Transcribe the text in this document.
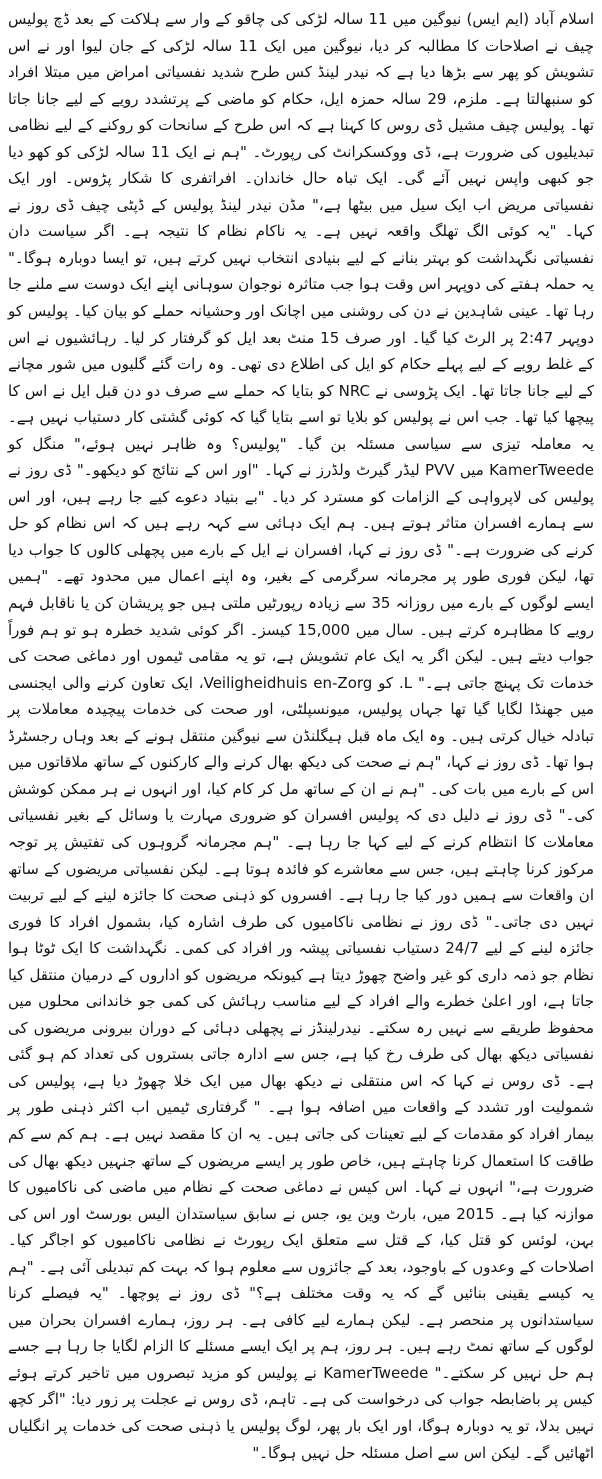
اسلام آباد (ایم ایس) نیوگین میں 11 سالہ لڑکی کی چاقو کے وار سے ہلاکت کے بعد ڈچ پولیس چیف نے اصلاحات کا مطالبہ کر دیا، نیوگین میں ایک 11 سالہ لڑکی کے جان لیوا اور نے اس تشویش کو پھر سے بڑھا دیا ہے کہ نیدر لینڈ کس طرح شدید نفسیاتی امراض میں مبتلا افراد کو سنبھالتا ہے۔ ملزم، 29 سالہ حمزہ ایل، حکام کو ماضی کے پرتشدد رویے کے لیے جانا جاتا تھا۔ پولیس چیف مشیل ڈی روس کا کہنا ہے کہ اس طرح کے سانحات کو روکنے کے لیے نظامی تبدیلیوں کی ضرورت ہے، ڈی ووکسکرانٹ کی رپورٹ۔ "ہم نے ایک 11 سالہ لڑکی کو کھو دیا جو کبھی واپس نہیں آئے گی۔ ایک تباہ حال خاندان۔ افراتفری کا شکار پڑوس۔ اور ایک نفسیاتی مریض اب ایک سیل میں بیٹھا ہے،" مڈن نیدر لینڈ پولیس کے ڈپٹی چیف ڈی روز نے کہا۔ "یہ کوئی الگ تھلگ واقعہ نہیں ہے۔ یہ ناکام نظام کا نتیجہ ہے۔ اگر سیاست دان نفسیاتی نگہداشت کو بہتر بنانے کے لیے بنیادی انتخاب نہیں کرتے ہیں، تو ایسا دوبارہ ہوگا۔" یہ حملہ ہفتے کی دوپہر اس وقت ہوا جب متاثرہ نوجوان سوہانی اپنے ایک دوست سے ملنے جا رہا تھا۔ عینی شاہدین نے دن کی روشنی میں اچانک اور وحشیانہ حملے کو بیان کیا۔ پولیس کو دوپہر 2:47 پر الرٹ کیا گیا۔ اور صرف 15 منٹ بعد ایل کو گرفتار کر لیا۔ رہائشیوں نے اس کے غلط رویے کے لیے پہلے حکام کو ایل کی اطلاع دی تھی۔ وہ رات گئے گلیوں میں شور مچانے کے لیے جانا جاتا تھا۔ ایک پڑوسی نے NRC کو بتایا کہ حملے سے صرف دو دن قبل ایل نے اس کا پیچھا کیا تھا۔ جب اس نے پولیس کو بلایا تو اسے بتایا گیا کہ کوئی گشتی کار دستیاب نہیں ہے۔ یہ معاملہ تیزی سے سیاسی مسئلہ بن گیا۔ "پولیس؟ وہ ظاہر نہیں ہوئے،" منگل کو KamerTweede میں PVV لیڈر گیرٹ ولڈرز نے کہا۔ "اور اس کے نتائج کو دیکھو۔" ڈی روز نے پولیس کی لاپرواہی کے الزامات کو مسترد کر دیا۔ "بے بنیاد دعوے کیے جا رہے ہیں، اور اس سے ہمارے افسران متاثر ہوتے ہیں۔ ہم ایک دہائی سے کہہ رہے ہیں کہ اس نظام کو حل کرنے کی ضرورت ہے۔" ڈی روز نے کہا، افسران نے ایل کے بارے میں پچھلی کالوں کا جواب دیا تھا، لیکن فوری طور پر مجرمانہ سرگرمی کے بغیر، وہ اپنے اعمال میں محدود تھے۔ "ہمیں ایسے لوگوں کے بارے میں روزانہ 35 سے زیادہ رپورٹیں ملتی ہیں جو پریشان کن یا ناقابل فہم رویے کا مظاہرہ کرتے ہیں۔ سال میں 15,000 کیسز۔ اگر کوئی شدید خطرہ ہو تو ہم فوراً جواب دیتے ہیں۔ لیکن اگر یہ ایک عام تشویش ہے، تو یہ مقامی ٹیموں اور دماغی صحت کی خدمات تک پہنچ جاتی ہے۔" L. کو Veiligheidhuis en-Zorg، ایک تعاون کرنے والی ایجنسی میں جھنڈا لگایا گیا تھا جہاں پولیس، میونسپلٹی، اور صحت کی خدمات پیچیدہ معاملات پر تبادلہ خیال کرتی ہیں۔ وہ ایک ماہ قبل ہیگلنڈن سے نیوگین منتقل ہونے کے بعد وہاں رجسٹرڈ ہوا تھا۔ ڈی روز نے کہا، "ہم نے صحت کی دیکھ بھال کرنے والے کارکنوں کے ساتھ ملاقاتوں میں اس کے بارے میں بات کی۔ "ہم نے ان کے ساتھ مل کر کام کیا، اور انہوں نے ہر ممکن کوشش کی۔" ڈی روز نے دلیل دی کہ پولیس افسران کو ضروری مہارت یا وسائل کے بغیر نفسیاتی معاملات کا انتظام کرنے کے لیے کہا جا رہا ہے۔ "ہم مجرمانہ گروہوں کی تفتیش پر توجہ مرکوز کرنا چاہتے ہیں، جس سے معاشرے کو فائدہ ہوتا ہے۔ لیکن نفسیاتی مریضوں کے ساتھ ان واقعات سے ہمیں دور کیا جا رہا ہے۔ افسروں کو ذہنی صحت کا جائزہ لینے کے لیے تربیت نہیں دی جاتی۔" ڈی روز نے نظامی ناکامیوں کی طرف اشارہ کیا، بشمول افراد کا فوری جائزہ لینے کے لیے 24/7 دستیاب نفسیاتی پیشہ ور افراد کی کمی۔ نگہداشت کا ایک ٹوٹا ہوا نظام جو ذمہ داری کو غیر واضح چھوڑ دیتا ہے کیونکہ مریضوں کو اداروں کے درمیان منتقل کیا جاتا ہے، اور اعلیٰ خطرے والے افراد کے لیے مناسب رہائش کی کمی جو خاندانی محلوں میں محفوظ طریقے سے نہیں رہ سکتے۔ نیدرلینڈز نے پچھلی دہائی کے دوران بیرونی مریضوں کی نفسیاتی دیکھ بھال کی طرف رخ کیا ہے، جس سے ادارہ جاتی بستروں کی تعداد کم ہو گئی ہے۔ ڈی روس نے کہا کہ اس منتقلی نے دیکھ بھال میں ایک خلا چھوڑ دیا ہے، پولیس کی شمولیت اور تشدد کے واقعات میں اضافہ ہوا ہے۔ " گرفتاری ٹیمیں اب اکثر ذہنی طور پر بیمار افراد کو مقدمات کے لیے تعینات کی جاتی ہیں۔ یہ ان کا مقصد نہیں ہے۔ ہم کم سے کم طاقت کا استعمال کرنا چاہتے ہیں، خاص طور پر ایسے مریضوں کے ساتھ جنہیں دیکھ بھال کی ضرورت ہے،" انہوں نے کہا۔ اس کیس نے دماغی صحت کے نظام میں ماضی کی ناکامیوں کا موازنہ کیا ہے۔ 2015 میں، بارٹ وین یو، جس نے سابق سیاستدان الیس بورسٹ اور اس کی بہن، لوئس کو قتل کیا، کے قتل سے متعلق ایک رپورٹ نے نظامی ناکامیوں کو اجاگر کیا۔ اصلاحات کے وعدوں کے باوجود، بعد کے جائزوں سے معلوم ہوا کہ بہت کم تبدیلی آئی ہے۔ "ہم یہ کیسے یقینی بنائیں گے کہ یہ وقت مختلف ہے؟" ڈی روز نے پوچھا۔ "یہ فیصلے کرنا سیاستدانوں پر منحصر ہے۔ لیکن ہمارے لیے کافی ہے۔ ہر روز، ہمارے افسران بحران میں لوگوں کے ساتھ نمٹ رہے ہیں۔ ہر روز، ہم پر ایک ایسے مسئلے کا الزام لگایا جا رہا ہے جسے ہم حل نہیں کر سکتے۔" KamerTweede نے پولیس کو مزید تبصروں میں تاخیر کرتے ہوئے کیس پر باضابطہ جواب کی درخواست کی ہے۔ تاہم، ڈی روس نے عجلت پر زور دیا: "اگر کچھ نہیں بدلا، تو یہ دوبارہ ہوگا، اور ایک بار پھر، لوگ پولیس یا ذہنی صحت کی خدمات پر انگلیاں اٹھائیں گے۔ لیکن اس سے اصل مسئلہ حل نہیں ہوگا۔"
